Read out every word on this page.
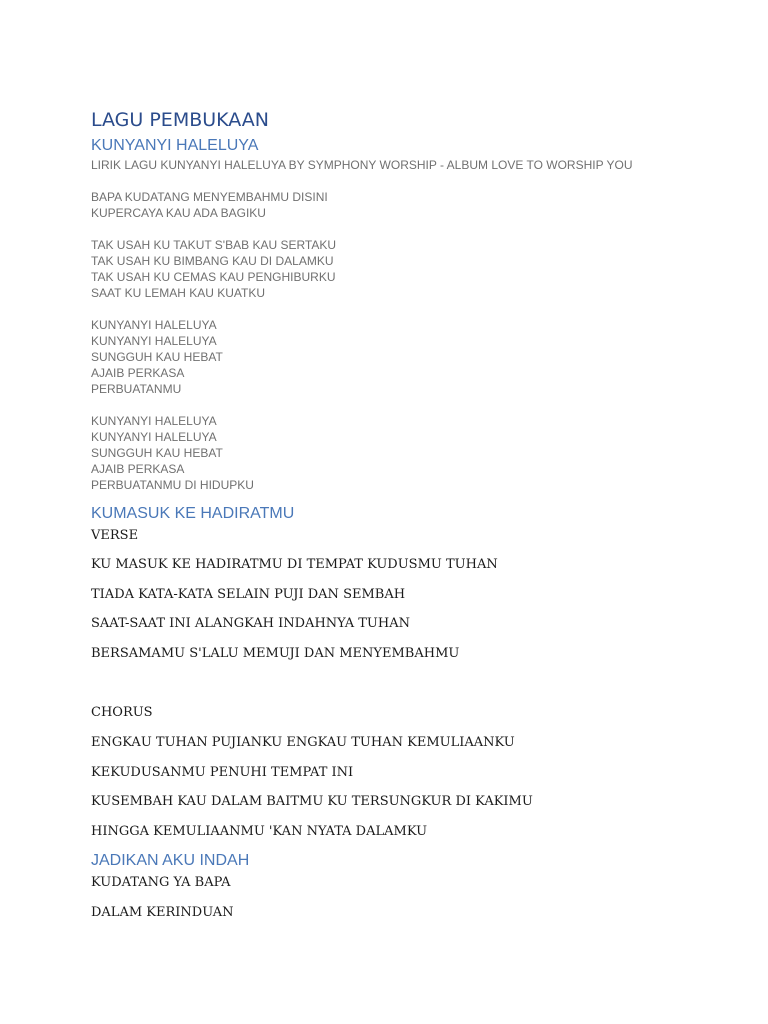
LAGU PEMBUKAAN
KUNYANYI HALELUYA
LIRIK LAGU KUNYANYI HALELUYA BY SYMPHONY WORSHIP - ALBUM LOVE TO WORSHIP YOU
BAPA KUDATANG MENYEMBAHMU DISINI
KUPERCAYA KAU ADA BAGIKU
TAK USAH KU TAKUT S'BAB KAU SERTAKU
TAK USAH KU BIMBANG KAU DI DALAMKU
TAK USAH KU CEMAS KAU PENGHIBURKU
SAAT KU LEMAH KAU KUATKU
KUNYANYI HALELUYA
KUNYANYI HALELUYA
SUNGGUH KAU HEBAT
AJAIB PERKASA
PERBUATANMU
KUNYANYI HALELUYA
KUNYANYI HALELUYA
SUNGGUH KAU HEBAT
AJAIB PERKASA
PERBUATANMU DI HIDUPKU
KUMASUK KE HADIRATMU

VERSE

KU MASUK KE HADIRATMU DI TEMPAT KUDUSMU TUHAN

TIADA KATA-KATA SELAIN PUJI DAN SEMBAH

SAAT-SAAT INI ALANGKAH INDAHNYA TUHAN

BERSAMAMU S'LALU MEMUJI DAN MENYEMBAHMU

CHORUS

ENGKAU TUHAN PUJIANKU ENGKAU TUHAN KEMULIAANKU

KEKUDUSANMU PENUHI TEMPAT INI

KUSEMBAH KAU DALAM BAITMU KU TERSUNGKUR DI KAKIMU

HINGGA KEMULIAANMU 'KAN NYATA DALAMKU

JADIKAN AKU INDAH

KUDATANG YA BAPA

DALAM KERINDUAN
